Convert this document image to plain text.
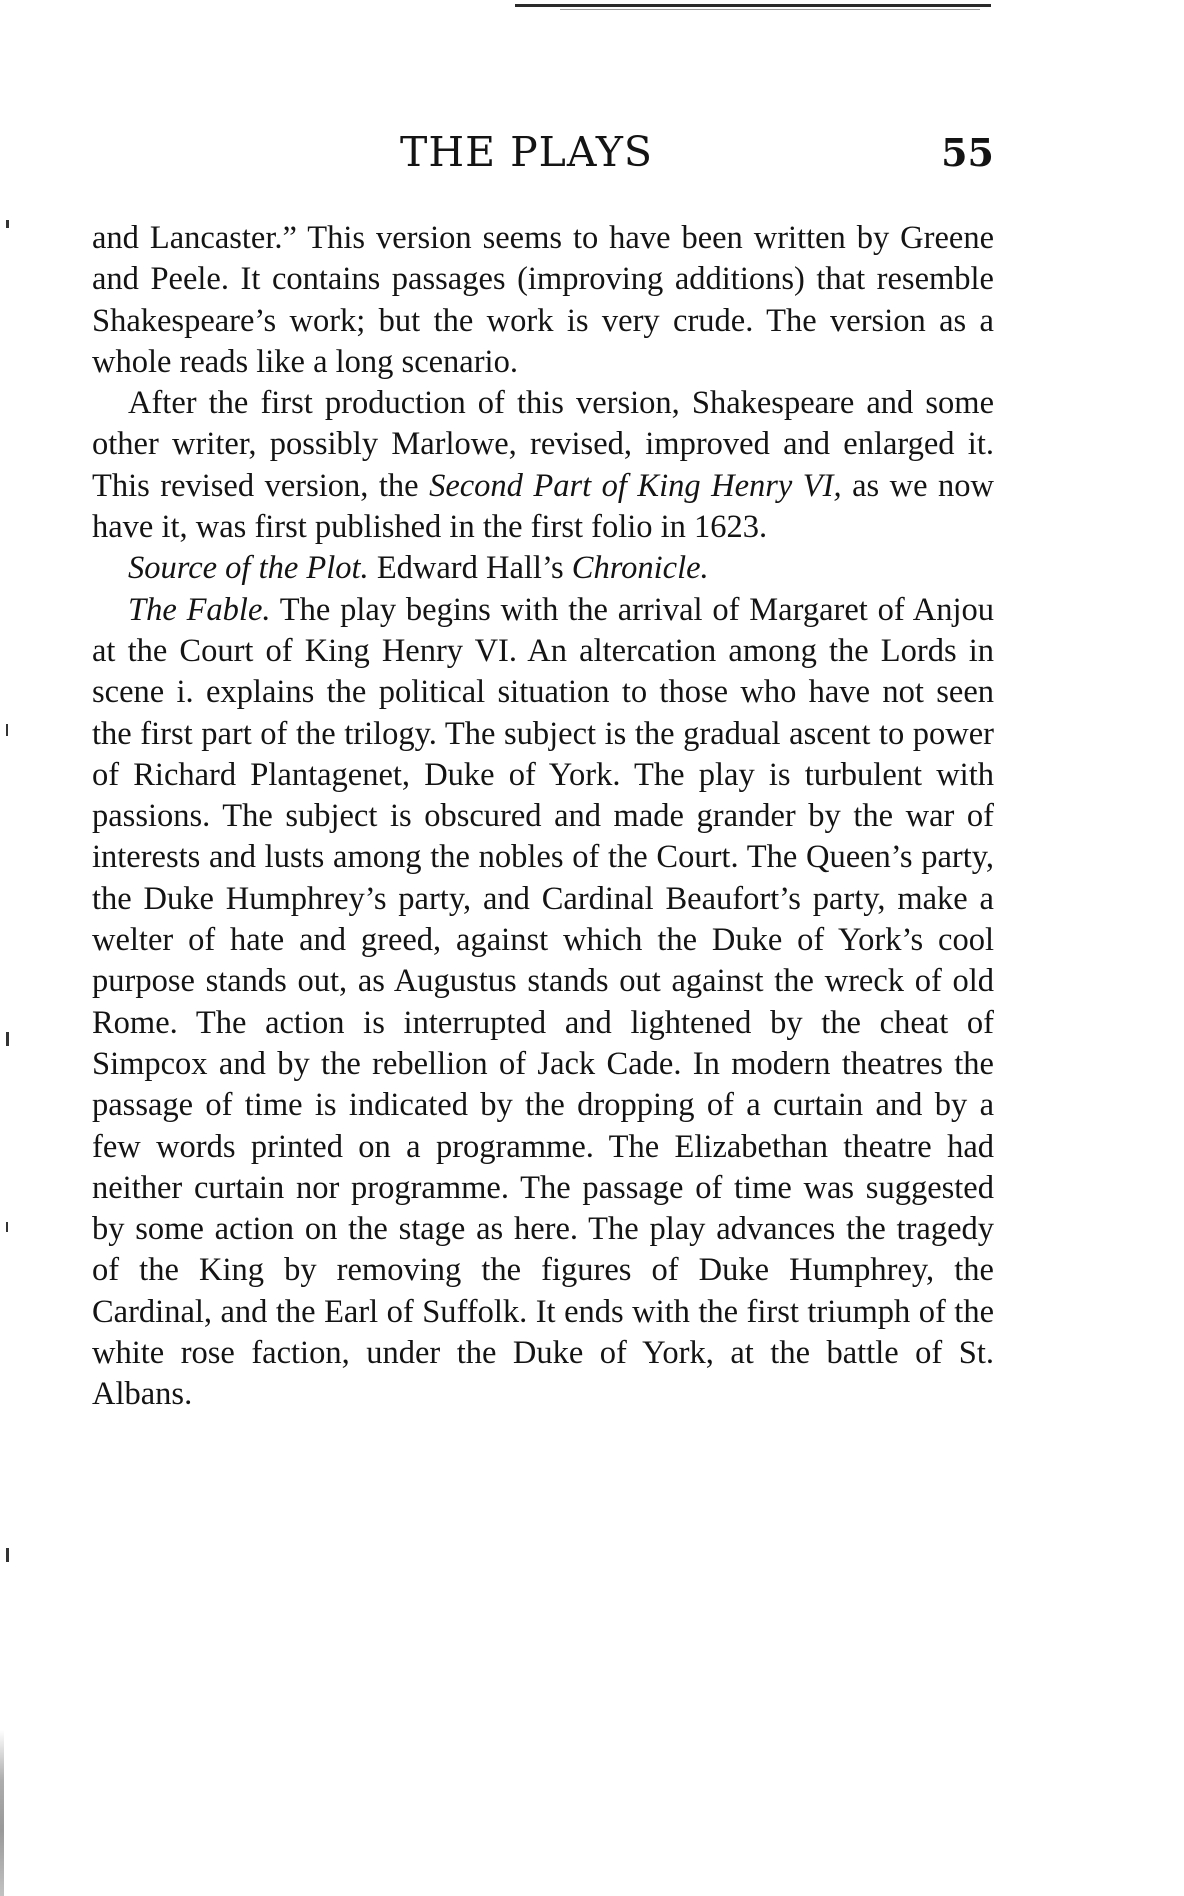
THE PLAYS	55

and Lancaster.” This version seems to have been written by Greene and Peele. It contains passages (improving additions) that resemble Shakespeare’s work; but the work is very crude. The version as a whole reads like a long scenario.

After the first production of this version, Shakespeare and some other writer, possibly Marlowe, revised, improved and enlarged it. This revised version, the Second Part of King Henry VI, as we now have it, was first published in the first folio in 1623.

Source of the Plot. Edward Hall’s Chronicle.

The Fable. The play begins with the arrival of Margaret of Anjou at the Court of King Henry VI. An altercation among the Lords in scene i. explains the political situation to those who have not seen the first part of the trilogy. The subject is the gradual ascent to power of Richard Plantagenet, Duke of York. The play is turbulent with passions. The subject is obscured and made grander by the war of interests and lusts among the nobles of the Court. The Queen’s party, the Duke Humphrey’s party, and Cardinal Beaufort’s party, make a welter of hate and greed, against which the Duke of York’s cool purpose stands out, as Augustus stands out against the wreck of old Rome. The action is interrupted and lightened by the cheat of Simpcox and by the rebellion of Jack Cade. In modern theatres the passage of time is indicated by the dropping of a curtain and by a few words printed on a programme. The Elizabethan theatre had neither curtain nor programme. The passage of time was suggested by some action on the stage as here. The play advances the tragedy of the King by removing the figures of Duke Humphrey, the Cardinal, and the Earl of Suffolk. It ends with the first triumph of the white rose faction, under the Duke of York, at the battle of St. Albans.
